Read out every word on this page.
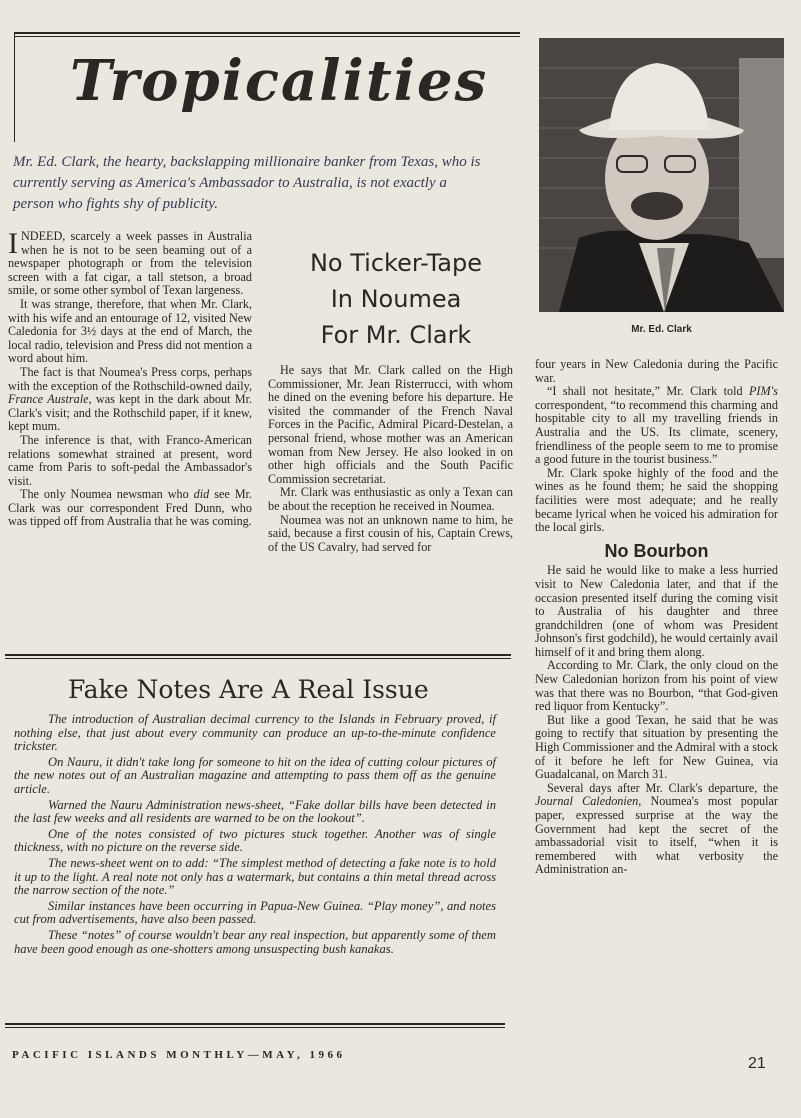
Tropicalities
Mr. Ed. Clark, the hearty, backslapping millionaire banker from Texas, who is currently serving as America's Ambassador to Australia, is not exactly a person who fights shy of publicity.
Mr. Ed. Clark
No Ticker-Tape
In Noumea
For Mr. Clark

INDEED, scarcely a week passes in Australia when he is not to be seen beaming out of a newspaper photograph or from the television screen with a fat cigar, a tall stetson, a broad smile, or some other symbol of Texan largeness.

It was strange, therefore, that when Mr. Clark, with his wife and an entourage of 12, visited New Caledonia for 3½ days at the end of March, the local radio, television and Press did not mention a word about him.

The fact is that Noumea's Press corps, perhaps with the exception of the Rothschild-owned daily, France Australe, was kept in the dark about Mr. Clark's visit; and the Rothschild paper, if it knew, kept mum.

The inference is that, with Franco-American relations somewhat strained at present, word came from Paris to soft-pedal the Ambassador's visit.

The only Noumea newsman who did see Mr. Clark was our correspondent Fred Dunn, who was tipped off from Australia that he was coming.

He says that Mr. Clark called on the High Commissioner, Mr. Jean Risterrucci, with whom he dined on the evening before his departure. He visited the commander of the French Naval Forces in the Pacific, Admiral Picard-Destelan, a personal friend, whose mother was an American woman from New Jersey. He also looked in on other high officials and the South Pacific Commission secretariat.

Mr. Clark was enthusiastic as only a Texan can be about the reception he received in Noumea.

Noumea was not an unknown name to him, he said, because a first cousin of his, Captain Crews, of the US Cavalry, had served for

four years in New Caledonia during the Pacific war.

“I shall not hesitate,” Mr. Clark told PIM's correspondent, “to recommend this charming and hospitable city to all my travelling friends in Australia and the US. Its climate, scenery, friendliness of the people seem to me to promise a good future in the tourist business.”

Mr. Clark spoke highly of the food and the wines as he found them; he said the shopping facilities were most adequate; and he really became lyrical when he voiced his admiration for the local girls.

No Bourbon

He said he would like to make a less hurried visit to New Caledonia later, and that if the occasion presented itself during the coming visit to Australia of his daughter and three grandchildren (one of whom was President Johnson's first godchild), he would certainly avail himself of it and bring them along.

According to Mr. Clark, the only cloud on the New Caledonian horizon from his point of view was that there was no Bourbon, “that God-given red liquor from Kentucky”.

But like a good Texan, he said that he was going to rectify that situation by presenting the High Commissioner and the Admiral with a stock of it before he left for New Guinea, via Guadalcanal, on March 31.

Several days after Mr. Clark's departure, the Journal Caledonien, Noumea's most popular paper, expressed surprise at the way the Government had kept the secret of the ambassadorial visit to itself, “when it is remembered with what verbosity the Administration an-

Fake Notes Are A Real Issue

The introduction of Australian decimal currency to the Islands in February proved, if nothing else, that just about every community can produce an up-to-the-minute confidence trickster.

On Nauru, it didn't take long for someone to hit on the idea of cutting colour pictures of the new notes out of an Australian magazine and attempting to pass them off as the genuine article.

Warned the Nauru Administration news-sheet, “Fake dollar bills have been detected in the last few weeks and all residents are warned to be on the lookout”.

One of the notes consisted of two pictures stuck together. Another was of single thickness, with no picture on the reverse side.

The news-sheet went on to add: “The simplest method of detecting a fake note is to hold it up to the light. A real note not only has a watermark, but contains a thin metal thread across the narrow section of the note.”

Similar instances have been occurring in Papua-New Guinea. “Play money”, and notes cut from advertisements, have also been passed.

These “notes” of course wouldn't bear any real inspection, but apparently some of them have been good enough as one-shotters among unsuspecting bush kanakas.

PACIFIC ISLANDS MONTHLY—MAY, 1966	21
